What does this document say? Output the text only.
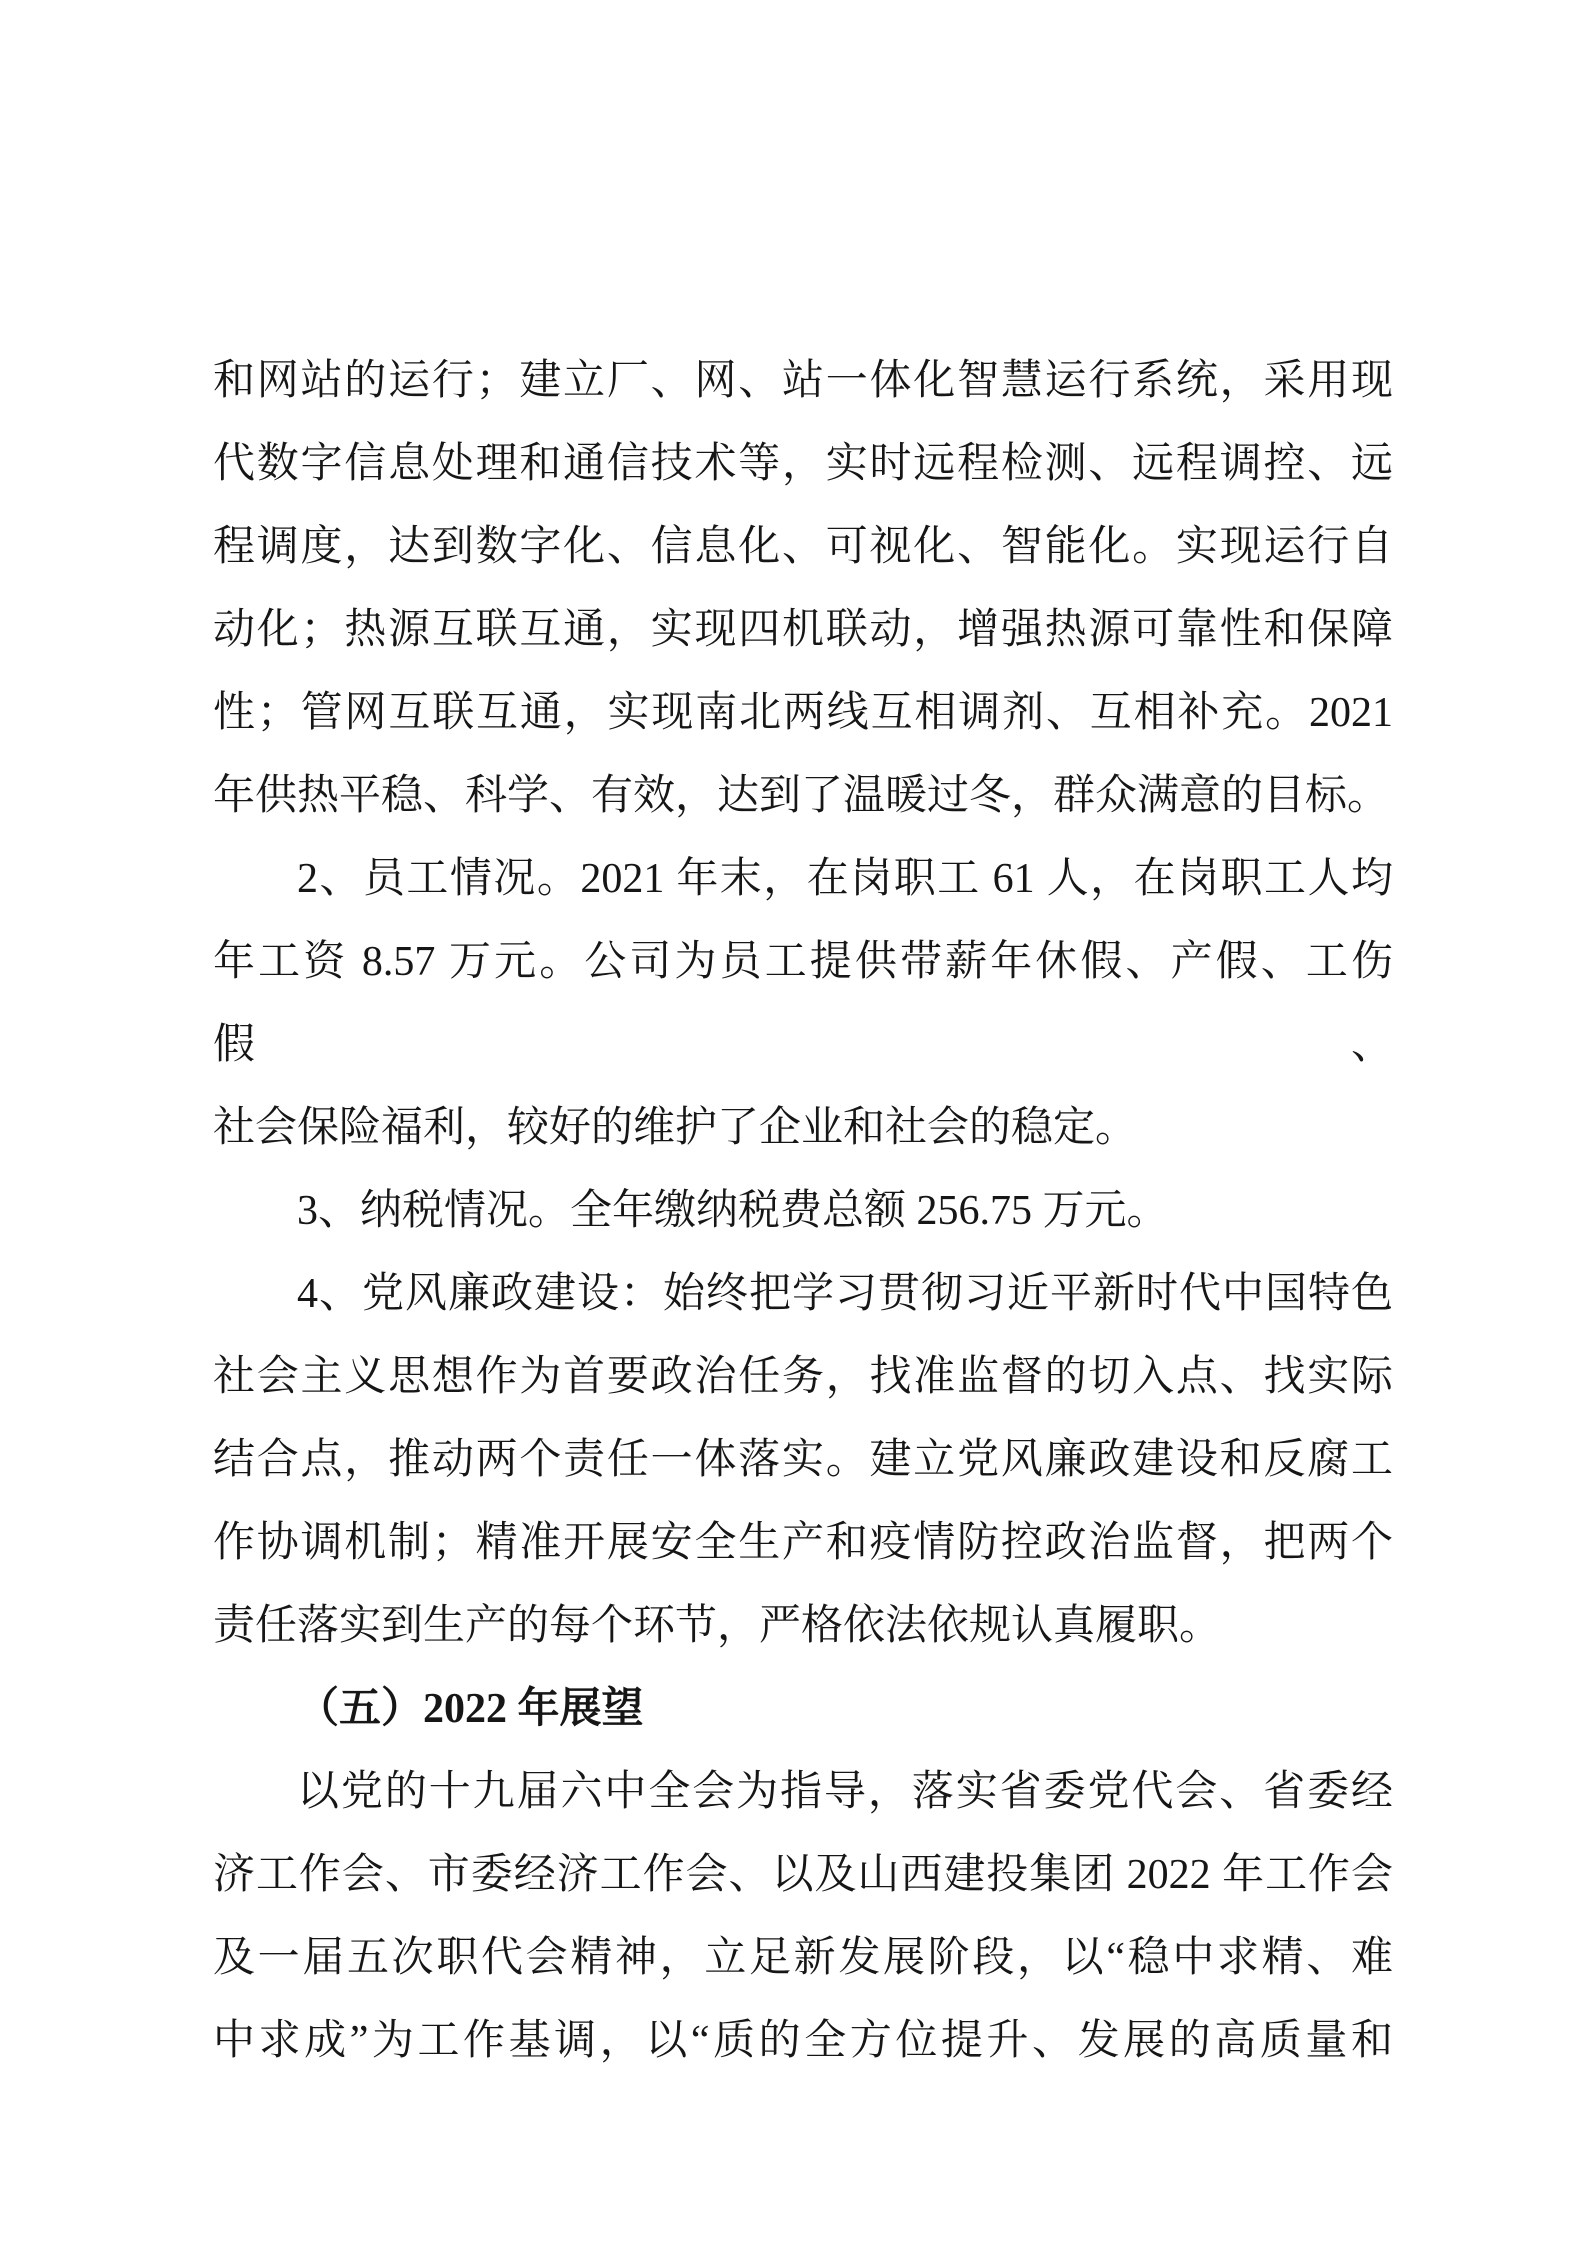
和网站的运行；建立厂、网、站一体化智慧运行系统，采用现
代数字信息处理和通信技术等，实时远程检测、远程调控、远
程调度，达到数字化、信息化、可视化、智能化。实现运行自
动化；热源互联互通，实现四机联动，增强热源可靠性和保障
性；管网互联互通，实现南北两线互相调剂、互相补充。2021
年供热平稳、科学、有效，达到了温暖过冬，群众满意的目标。
2、员工情况。2021 年末，在岗职工 61 人，在岗职工人均
年工资 8.57 万元。公司为员工提供带薪年休假、产假、工伤假、
社会保险福利，较好的维护了企业和社会的稳定。
3、纳税情况。全年缴纳税费总额 256.75 万元。
4、党风廉政建设：始终把学习贯彻习近平新时代中国特色
社会主义思想作为首要政治任务，找准监督的切入点、找实际
结合点，推动两个责任一体落实。建立党风廉政建设和反腐工
作协调机制；精准开展安全生产和疫情防控政治监督，把两个
责任落实到生产的每个环节，严格依法依规认真履职。
（五）2022 年展望
以党的十九届六中全会为指导，落实省委党代会、省委经
济工作会、市委经济工作会、以及山西建投集团 2022 年工作会
及一届五次职代会精神，立足新发展阶段，以“稳中求精、难
中求成”为工作基调，以“质的全方位提升、发展的高质量和
